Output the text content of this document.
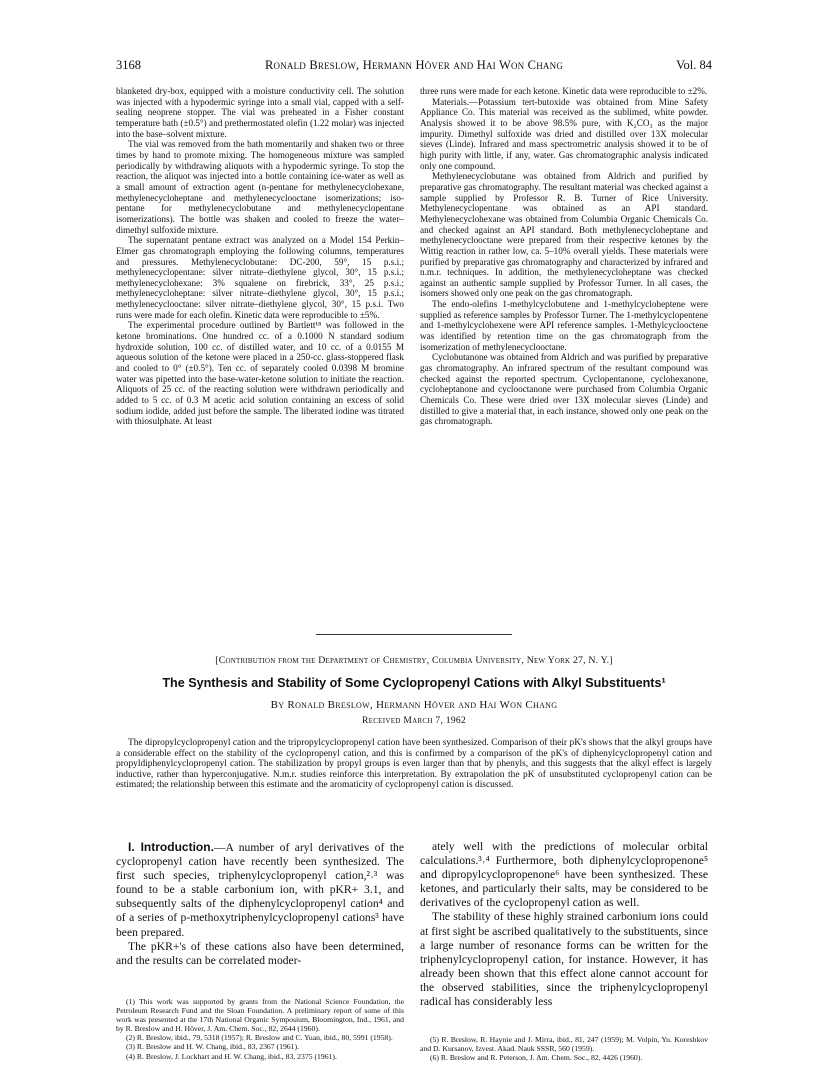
3168	Ronald Breslow, Hermann Höver and Hai Won Chang	Vol. 84

blanketed dry-box, equipped with a moisture conductivity cell. The solution was injected with a hypodermic syringe into a small vial, capped with a self-sealing neoprene stopper. The vial was preheated in a Fisher constant temperature bath (±0.5°) and prethermostated olefin (1.22 molar) was injected into the base–solvent mixture.

The vial was removed from the bath momentarily and shaken two or three times by hand to promote mixing. The homogeneous mixture was sampled periodically by withdrawing aliquots with a hypodermic syringe. To stop the reaction, the aliquot was injected into a bottle containing ice-water as well as a small amount of extraction agent (n-pentane for methylenecyclohexane, methylenecycloheptane and methylenecyclooctane isomerizations; iso-pentane for methylenecyclobutane and methylenecyclopentane isomerizations). The bottle was shaken and cooled to freeze the water–dimethyl sulfoxide mixture.

The supernatant pentane extract was analyzed on a Model 154 Perkin–Elmer gas chromatograph employing the following columns, temperatures and pressures. Methylenecyclobutane: DC-200, 59°, 15 p.s.i.; methylenecyclopentane: silver nitrate–diethylene glycol, 30°, 15 p.s.i.; methylenecyclohexane: 3% squalene on firebrick, 33°, 25 p.s.i.; methylenecycloheptane: silver nitrate–diethylene glycol, 30°, 15 p.s.i.; methylenecyclooctane: silver nitrate–diethylene glycol, 30°, 15 p.s.i. Two runs were made for each olefin. Kinetic data were reproducible to ±5%.

The experimental procedure outlined by Bartlett¹⁸ was followed in the ketone brominations. One hundred cc. of a 0.1000 N standard sodium hydroxide solution, 100 cc. of distilled water, and 10 cc. of a 0.0155 M aqueous solution of the ketone were placed in a 250-cc. glass-stoppered flask and cooled to 0° (±0.5°). Ten cc. of separately cooled 0.0398 M bromine water was pipetted into the base-water-ketone solution to initiate the reaction. Aliquots of 25 cc. of the reacting solution were withdrawn periodically and added to 5 cc. of 0.3 M acetic acid solution containing an excess of solid sodium iodide, added just before the sample. The liberated iodine was titrated with thiosulphate. At least

three runs were made for each ketone. Kinetic data were reproducible to ±2%.

Materials.—Potassium tert-butoxide was obtained from Mine Safety Appliance Co. This material was received as the sublimed, white powder. Analysis showed it to be above 98.5% pure, with K₂CO₃ as the major impurity. Dimethyl sulfoxide was dried and distilled over 13X molecular sieves (Linde). Infrared and mass spectrometric analysis showed it to be of high purity with little, if any, water. Gas chromatographic analysis indicated only one compound.

Methylenecyclobutane was obtained from Aldrich and purified by preparative gas chromatography. The resultant material was checked against a sample supplied by Professor R. B. Turner of Rice University. Methylenecyclopentane was obtained as an API standard. Methylenecyclohexane was obtained from Columbia Organic Chemicals Co. and checked against an API standard. Both methylenecycloheptane and methylenecyclooctane were prepared from their respective ketones by the Wittig reaction in rather low, ca. 5–10% overall yields. These materials were purified by preparative gas chromatography and characterized by infrared and n.m.r. techniques. In addition, the methylenecycloheptane was checked against an authentic sample supplied by Professor Turner. In all cases, the isomers showed only one peak on the gas chromatograph.

The endo-olefins 1-methylcyclobutene and 1-methylcycloheptene were supplied as reference samples by Professor Turner. The 1-methylcyclopentene and 1-methylcyclohexene were API reference samples. 1-Methylcyclooctene was identified by retention time on the gas chromatograph from the isomerization of methylenecyclooctane.

Cyclobutanone was obtained from Aldrich and was purified by preparative gas chromatography. An infrared spectrum of the resultant compound was checked against the reported spectrum. Cyclopentanone, cyclohexanone, cycloheptanone and cyclooctanone were purchased from Columbia Organic Chemicals Co. These were dried over 13X molecular sieves (Linde) and distilled to give a material that, in each instance, showed only one peak on the gas chromatograph.

[Contribution from the Department of Chemistry, Columbia University, New York 27, N. Y.]
The Synthesis and Stability of Some Cyclopropenyl Cations with Alkyl Substituents¹
By Ronald Breslow, Hermann Höver and Hai Won Chang
Received March 7, 1962
The dipropylcyclopropenyl cation and the tripropylcyclopropenyl cation have been synthesized. Comparison of their pK's shows that the alkyl groups have a considerable effect on the stability of the cyclopropenyl cation, and this is confirmed by a comparison of the pK's of diphenylcyclopropenyl cation and propyldiphenylcyclopropenyl cation. The stabilization by propyl groups is even larger than that by phenyls, and this suggests that the alkyl effect is largely inductive, rather than hyperconjugative. N.m.r. studies reinforce this interpretation. By extrapolation the pK of unsubstituted cyclopropenyl cation can be estimated; the relationship between this estimate and the aromaticity of cyclopropenyl cation is discussed.

I. Introduction.—A number of aryl derivatives of the cyclopropenyl cation have recently been synthesized. The first such species, triphenylcyclopropenyl cation,²˒³ was found to be a stable carbonium ion, with pKR+ 3.1, and subsequently salts of the diphenylcyclopropenyl cation⁴ and of a series of p-methoxytriphenylcyclopropenyl cations³ have been prepared.

The pKR+'s of these cations also have been determined, and the results can be correlated moder-

ately well with the predictions of molecular orbital calculations.³˒⁴ Furthermore, both diphenylcyclopropenone⁵ and dipropylcyclopropenone⁶ have been synthesized. These ketones, and particularly their salts, may be considered to be derivatives of the cyclopropenyl cation as well.

The stability of these highly strained carbonium ions could at first sight be ascribed qualitatively to the substituents, since a large number of resonance forms can be written for the triphenylcyclopropenyl cation, for instance. However, it has already been shown that this effect alone cannot account for the observed stabilities, since the triphenylcyclopropenyl radical has considerably less

(1) This work was supported by grants from the National Science Foundation, the Petroleum Research Fund and the Sloan Foundation. A preliminary report of some of this work was presented at the 17th National Organic Symposium, Bloomington, Ind., 1961, and by R. Breslow and H. Höver, J. Am. Chem. Soc., 82, 2644 (1960).

(2) R. Breslow, ibid., 79, 5318 (1957); R. Breslow and C. Yuan, ibid., 80, 5991 (1958).

(3) R. Breslow and H. W. Chang, ibid., 83, 2367 (1961).

(4) R. Breslow, J. Lockhart and H. W. Chang, ibid., 83, 2375 (1961).

(5) R. Breslow, R. Haynie and J. Mirra, ibid., 81, 247 (1959); M. Volpin, Yu. Koreshkov and D. Kursanov, Izvest. Akad. Nauk SSSR, 560 (1959).

(6) R. Breslow and R. Peterson, J. Am. Chem. Soc., 82, 4426 (1960).
